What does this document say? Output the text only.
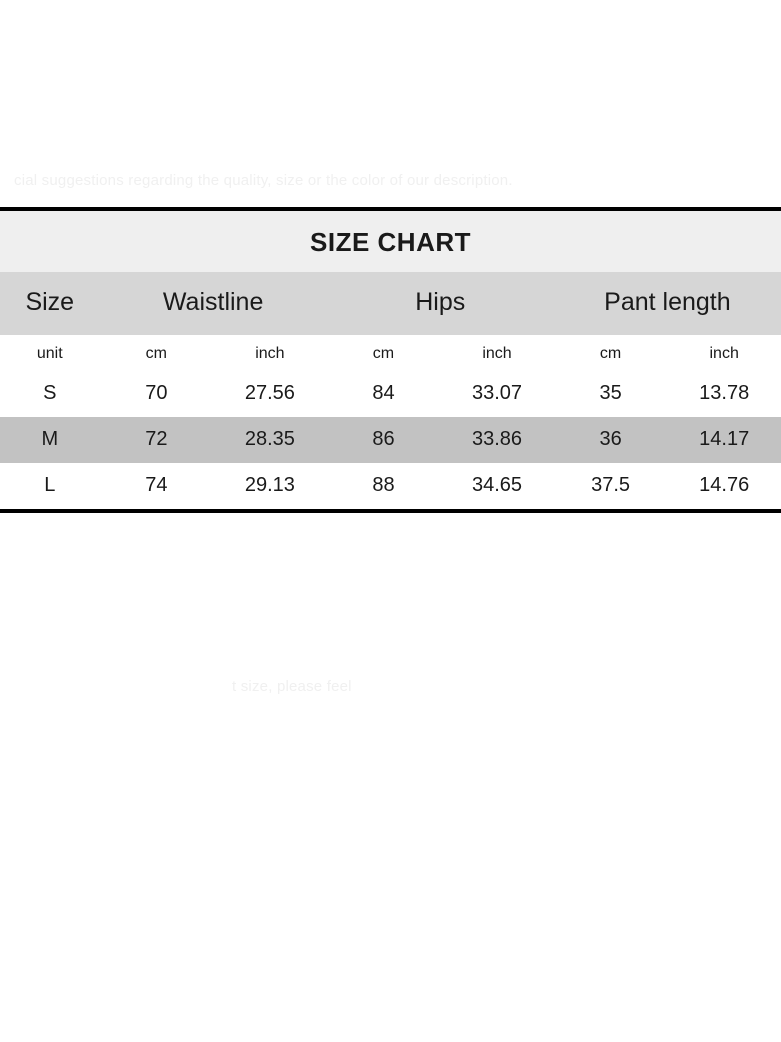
cial suggestions regarding the quality, size or the color of our description.
t size, please feel
SIZE CHART
Size	Waistline		Hips		Pant length	
unit	cm	inch	cm	inch	cm	inch
S	70	27.56	84	33.07	35	13.78
M	72	28.35	86	33.86	36	14.17
L	74	29.13	88	34.65	37.5	14.76
